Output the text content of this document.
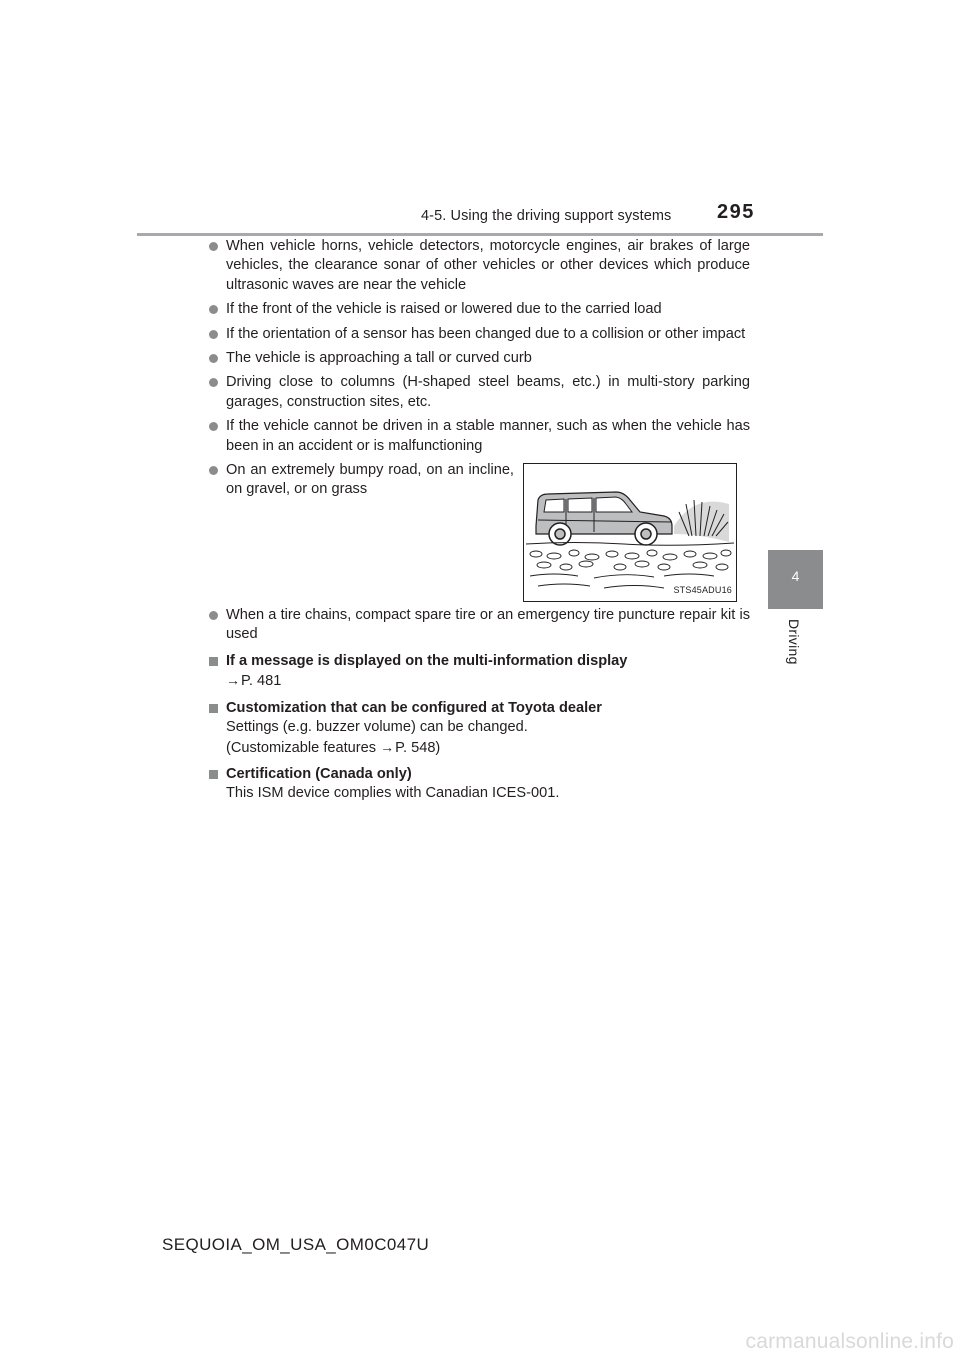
4-5. Using the driving support systems 295
4
Driving
When vehicle horns, vehicle detectors, motorcycle engines, air brakes of large vehicles, the clearance sonar of other vehicles or other devices which produce ultrasonic waves are near the vehicle
If the front of the vehicle is raised or lowered due to the carried load
If the orientation of a sensor has been changed due to a collision or other impact
The vehicle is approaching a tall or curved curb
Driving close to columns (H-shaped steel beams, etc.) in multi-story parking garages, construction sites, etc.
If the vehicle cannot be driven in a stable manner, such as when the vehicle has been in an accident or is malfunctioning
On an extremely bumpy road, on an incline, on gravel, or on grass
STS45ADU16
When a tire chains, compact spare tire or an emergency tire puncture repair kit is used
If a message is displayed on the multi-information display
→P. 481
Customization that can be configured at Toyota dealer
Settings (e.g. buzzer volume) can be changed.
(Customizable features →P. 548)
Certification (Canada only)
This ISM device complies with Canadian ICES-001.
SEQUOIA_OM_USA_OM0C047U
carmanualsonline.info
